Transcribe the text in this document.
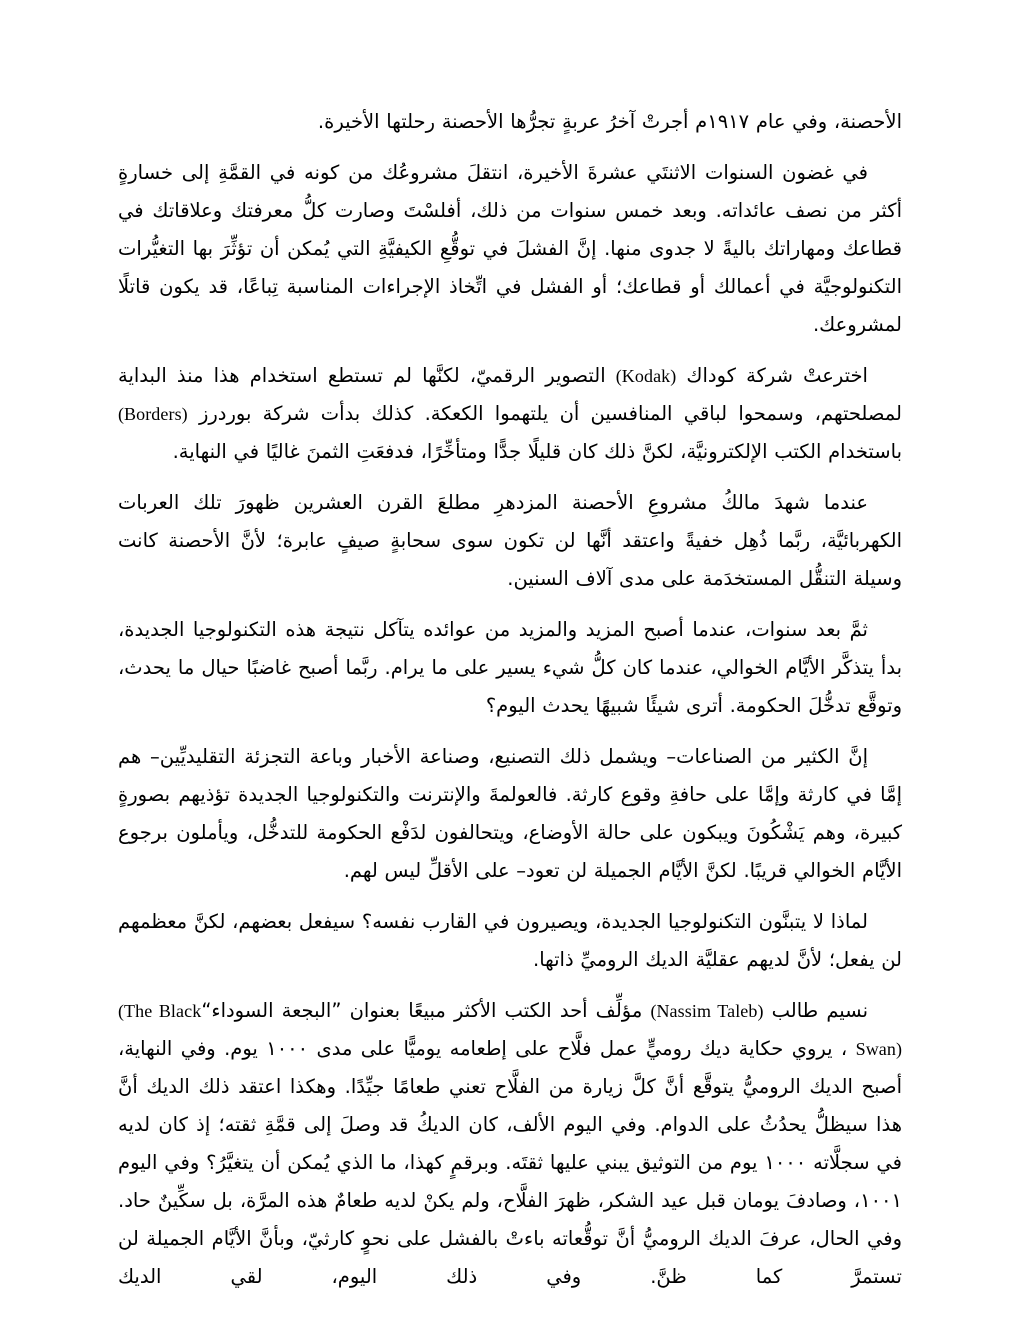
الأحصنة، وفي عام ١٩١٧م أجرتْ آخرُ عربةٍ تجرُّها الأحصنة رحلتها الأخيرة.

في غضون السنوات الاثنتَي عشرةَ الأخيرة، انتقلَ مشروعُك من كونه في القمَّةِ إلى خسارةٍ أكثر من نصف عائداته. وبعد خمس سنوات من ذلك، أفلسْتَ وصارت كلُّ معرفتك وعلاقاتك في قطاعك ومهاراتك باليةً لا جدوى منها. إنَّ الفشلَ في توقُّعِ الكيفيَّةِ التي يُمكن أن تؤثِّرَ بها التغيُّرات التكنولوجيَّة في أعمالك أو قطاعك؛ أو الفشل في اتِّخاذ الإجراءات المناسبة تِباعًا، قد يكون قاتلًا لمشروعك.

اخترعتْ شركة كوداك (Kodak) التصوير الرقميّ، لكنَّها لم تستطع استخدام هذا منذ البداية لمصلحتهم، وسمحوا لباقي المنافسين أن يلتهموا الكعكة. كذلك بدأت شركة بوردرز (Borders) باستخدام الكتب الإلكترونيَّة، لكنَّ ذلك كان قليلًا جدًّا ومتأخِّرًا، فدفعَتِ الثمنَ غاليًا في النهاية.

عندما شهدَ مالكُ مشروعِ الأحصنة المزدهرِ مطلعَ القرن العشرين ظهورَ تلك العربات الكهربائيَّة، ربَّما ذُهِل خفيةً واعتقد أنَّها لن تكون سوى سحابةٍ صيفٍ عابرة؛ لأنَّ الأحصنة كانت وسيلة التنقُّل المستخدَمة على مدى آلاف السنين.

ثمَّ بعد سنوات، عندما أصبح المزيد والمزيد من عوائده يتآكل نتيجة هذه التكنولوجيا الجديدة، بدأ يتذكَّر الأيَّام الخوالي، عندما كان كلُّ شيء يسير على ما يرام. ربَّما أصبح غاضبًا حيال ما يحدث، وتوقَّع تدخُّلَ الحكومة. أترى شيئًا شبيهًا يحدث اليوم؟

إنَّ الكثير من الصناعات– ويشمل ذلك التصنيع، وصناعة الأخبار وباعة التجزئة التقليديِّين– هم إمَّا في كارثة وإمَّا على حافةِ وقوع كارثة. فالعولمةَ والإنترنت والتكنولوجيا الجديدة تؤذيهم بصورةٍ كبيرة، وهم يَشْكُونَ ويبكون على حالة الأوضاع، ويتحالفون لدَفْع الحكومة للتدخُّل، ويأملون برجوع الأيَّام الخوالي قريبًا. لكنَّ الأيَّام الجميلة لن تعود– على الأقلِّ ليس لهم.

لماذا لا يتبنَّون التكنولوجيا الجديدة، ويصيرون في القارب نفسه؟ سيفعل بعضهم، لكنَّ معظمهم لن يفعل؛ لأنَّ لديهم عقليَّة الديك الروميِّ ذاتها.

نسيم طالب (Nassim Taleb) مؤلِّف أحد الكتب الأكثر مبيعًا بعنوان ”البجعة السوداء“(The Black Swan) ، يروي حكاية ديك روميٍّ عمل فلَّاح على إطعامه يوميًّا على مدى ١٠٠٠ يوم. وفي النهاية، أصبح الديك الروميُّ يتوقَّع أنَّ كلَّ زيارة من الفلَّاح تعني طعامًا جيِّدًا. وهكذا اعتقد ذلك الديك أنَّ هذا سيظلُّ يحدُثُ على الدوام. وفي اليوم الألف، كان الديكُ قد وصلَ إلى قمَّةِ ثقته؛ إذ كان لديه في سجلَّاته ١٠٠٠ يوم من التوثيق يبني عليها ثقتَه. وبرقمٍ كهذا، ما الذي يُمكن أن يتغيَّرُ؟ وفي اليوم ١٠٠١، وصادفَ يومان قبل عيد الشكر، ظهرَ الفلَّاح، ولم يكنْ لديه طعامٌ هذه المرَّة، بل سكِّينٌ حاد. وفي الحال، عرفَ الديك الروميُّ أنَّ توقُّعاته باءتْ بالفشل على نحوٍ كارثيّ، وبأنَّ الأيَّام الجميلة لن تستمرَّ كما ظنَّ. وفي ذلك اليوم، لقي الديك
